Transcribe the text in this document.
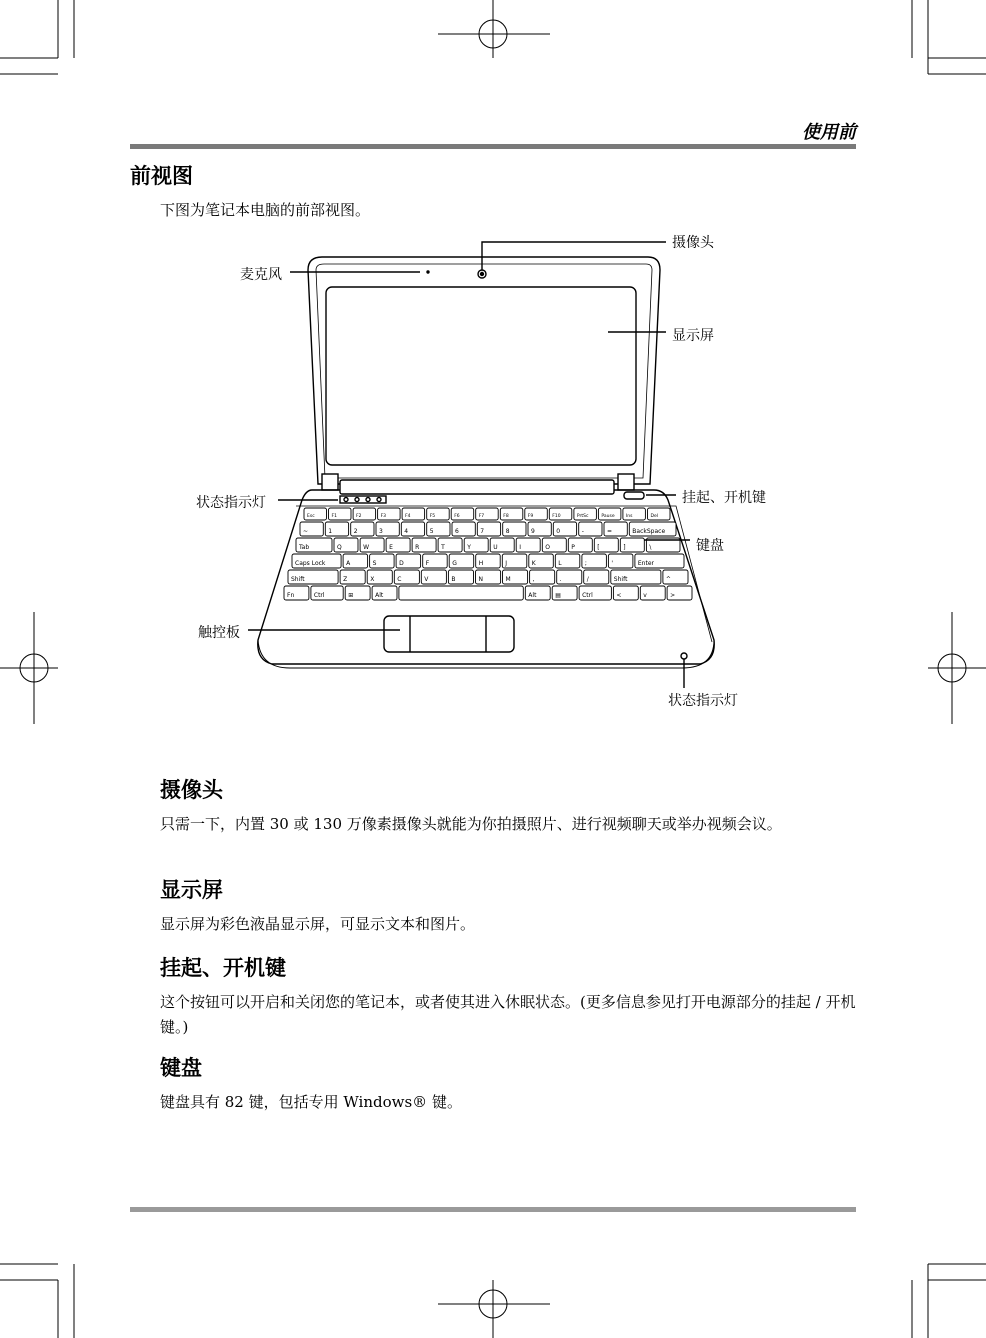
使用前
前视图
下图为笔记本电脑的前部视图。
Esc	F1	F2	F3	F4	F5	F6	F7	F8	F9	F10	PrtSc	Pause	Ins	Del
~	1	2	3	4	5	6	7	8	9	0	-	=	BackSpace
Tab	Q	W	E	R	T	Y	U	I	O	P	[	]	\
Caps Lock	A	S	D	F	G	H	J	K	L	;	'	Enter
Shift	Z	X	C	V	B	N	M	,	.	/	Shift	^
Fn	Ctrl	⊞	Alt	Alt	▤	Ctrl	<	v	>
摄像头
麦克风
显示屏
状态指示灯	挂起、开机键
键盘
触控板
状态指示灯
摄像头
只需一下，内置 30 或 130 万像素摄像头就能为你拍摄照片、进行视频聊天或举办视频会议。
显示屏
显示屏为彩色液晶显示屏，可显示文本和图片。
挂起、开机键
这个按钮可以开启和关闭您的笔记本，或者使其进入休眠状态。(更多信息参见打开电源部分的挂起 / 开机键。)
键盘
键盘具有 82 键，包括专用 Windows® 键。
